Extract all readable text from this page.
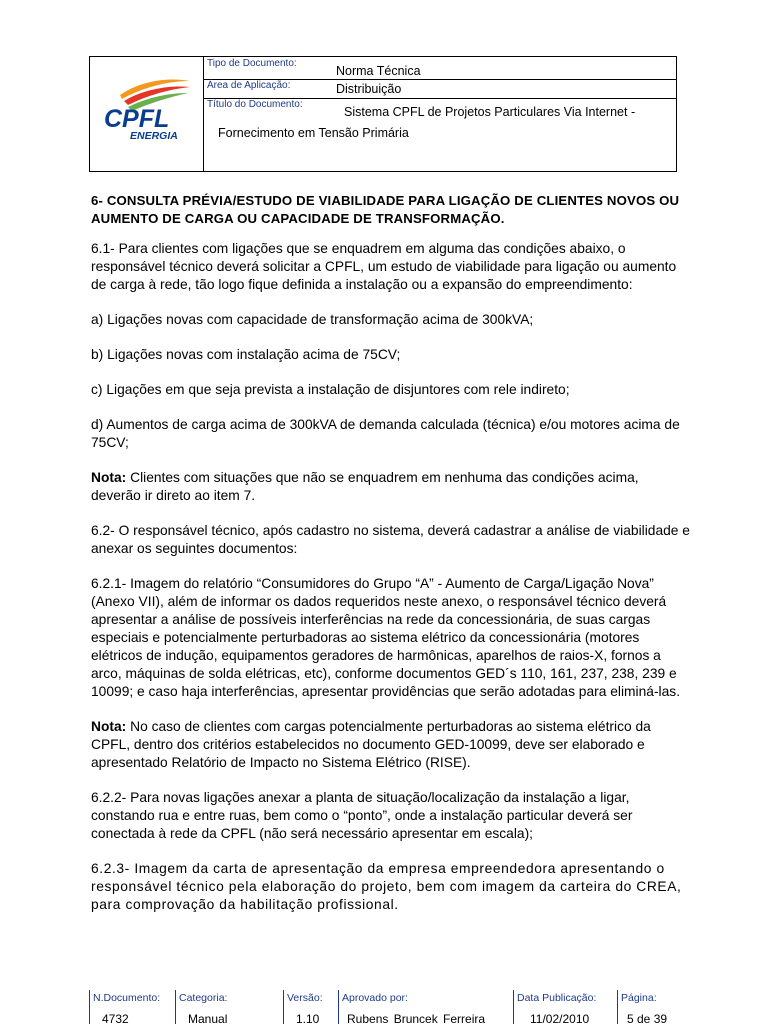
CPFL
ENERGIA
Tipo de Documento:
Norma Técnica
Área de Aplicação:	Distribuição
Título do Documento:
Sistema CPFL de Projetos Particulares Via Internet -
Fornecimento em Tensão Primária

6- CONSULTA PRÉVIA/ESTUDO DE VIABILIDADE PARA LIGAÇÃO DE CLIENTES NOVOS OU AUMENTO DE CARGA OU CAPACIDADE DE TRANSFORMAÇÃO.

6.1- Para clientes com ligações que se enquadrem em alguma das condições abaixo, o responsável técnico deverá solicitar a CPFL, um estudo de viabilidade para ligação ou aumento de carga à rede, tão logo fique definida a instalação ou a expansão do empreendimento:

a) Ligações novas com capacidade de transformação acima de 300kVA;

b) Ligações novas com instalação acima de 75CV;

c) Ligações em que seja prevista a instalação de disjuntores com rele indireto;

d) Aumentos de carga acima de 300kVA de demanda calculada (técnica) e/ou motores acima de 75CV;

Nota: Clientes com situações que não se enquadrem em nenhuma das condições acima, deverão ir direto ao item 7.

6.2- O responsável técnico, após cadastro no sistema, deverá cadastrar a análise de viabilidade e anexar os seguintes documentos:

6.2.1- Imagem do relatório “Consumidores do Grupo “A” - Aumento de Carga/Ligação Nova” (Anexo VII), além de informar os dados requeridos neste anexo, o responsável técnico deverá apresentar a análise de possíveis interferências na rede da concessionária, de suas cargas especiais e potencialmente perturbadoras ao sistema elétrico da concessionária (motores elétricos de indução, equipamentos geradores de harmônicas, aparelhos de raios-X, fornos a arco, máquinas de solda elétricas, etc), conforme documentos GED´s 110, 161, 237, 238, 239 e 10099; e caso haja interferências, apresentar providências que serão adotadas para eliminá-las.

Nota: No caso de clientes com cargas potencialmente perturbadoras ao sistema elétrico da CPFL, dentro dos critérios estabelecidos no documento GED-10099, deve ser elaborado e apresentado Relatório de Impacto no Sistema Elétrico (RISE).

6.2.2- Para novas ligações anexar a planta de situação/localização da instalação a ligar, constando rua e entre ruas, bem como o “ponto”, onde a instalação particular deverá ser conectada à rede da CPFL (não será necessário apresentar em escala);

6.2.3- Imagem da carta de apresentação da empresa empreendedora apresentando o responsável técnico pela elaboração do projeto, bem com imagem da carteira do CREA, para comprovação da habilitação profissional.

N.Documento:
4732
Categoria:
Manual
Versão:
1.10
Aprovado por:
Rubens Bruncek Ferreira
Data Publicação:
11/02/2010
Página:
5 de 39
